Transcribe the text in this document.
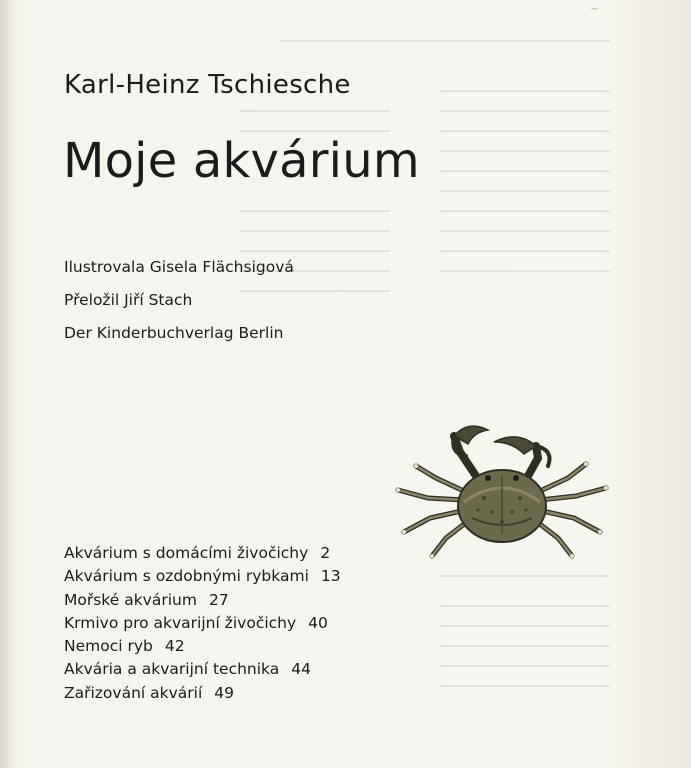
~
Karl-Heinz Tschiesche
Moje akvárium
Ilustrovala Gisela Flächsigová
Přeložil Jiří Stach
Der Kinderbuchverlag Berlin
Akvárium s domácími živočichy 2
Akvárium s ozdobnými rybkami 13
Mořské akvárium 27
Krmivo pro akvarijní živočichy 40
Nemoci ryb 42
Akvária a akvarijní technika 44
Zařizování akvárií 49
